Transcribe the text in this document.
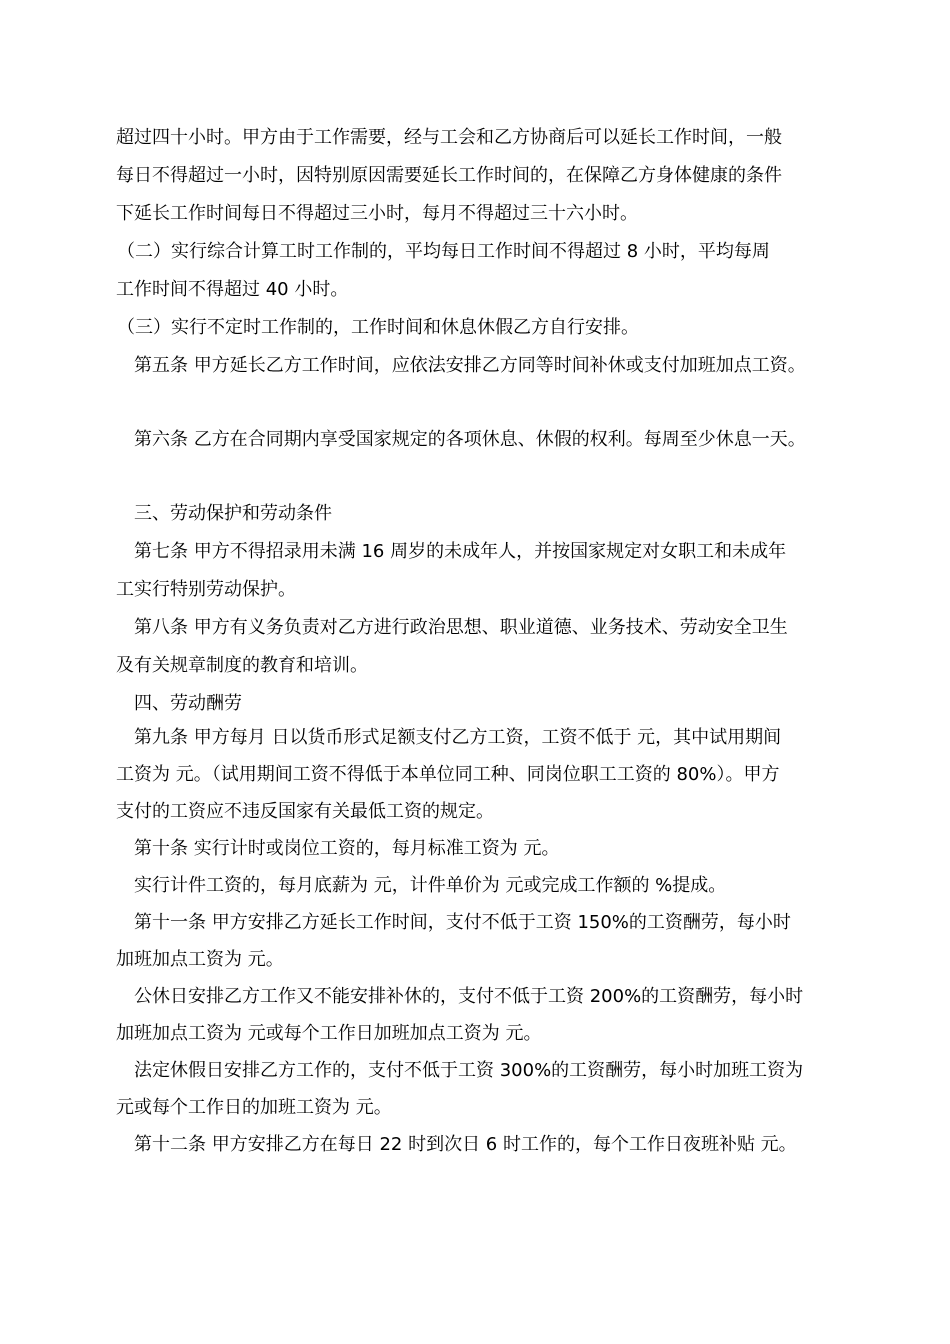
超过四十小时。甲方由于工作需要，经与工会和乙方协商后可以延长工作时间，一般
每日不得超过一小时，因特别原因需要延长工作时间的，在保障乙方身体健康的条件
下延长工作时间每日不得超过三小时，每月不得超过三十六小时。
（二）实行综合计算工时工作制的，平均每日工作时间不得超过 8 小时，平均每周
工作时间不得超过 40 小时。
（三）实行不定时工作制的，工作时间和休息休假乙方自行安排。
第五条 甲方延长乙方工作时间，应依法安排乙方同等时间补休或支付加班加点工资。
第六条 乙方在合同期内享受国家规定的各项休息、休假的权利。每周至少休息一天。
三、劳动保护和劳动条件
第七条 甲方不得招录用未满 16 周岁的未成年人，并按国家规定对女职工和未成年
工实行特别劳动保护。
第八条 甲方有义务负责对乙方进行政治思想、职业道德、业务技术、劳动安全卫生
及有关规章制度的教育和培训。
四、劳动酬劳
第九条 甲方每月 日以货币形式足额支付乙方工资，工资不低于 元，其中试用期间
工资为 元。（试用期间工资不得低于本单位同工种、同岗位职工工资的 80%）。甲方
支付的工资应不违反国家有关最低工资的规定。
第十条 实行计时或岗位工资的，每月标准工资为 元。
实行计件工资的，每月底薪为 元，计件单价为 元或完成工作额的 %提成。
第十一条 甲方安排乙方延长工作时间，支付不低于工资 150%的工资酬劳，每小时
加班加点工资为 元。
公休日安排乙方工作又不能安排补休的，支付不低于工资 200%的工资酬劳，每小时
加班加点工资为 元或每个工作日加班加点工资为 元。
法定休假日安排乙方工作的，支付不低于工资 300%的工资酬劳，每小时加班工资为
元或每个工作日的加班工资为 元。
第十二条 甲方安排乙方在每日 22 时到次日 6 时工作的，每个工作日夜班补贴 元。
